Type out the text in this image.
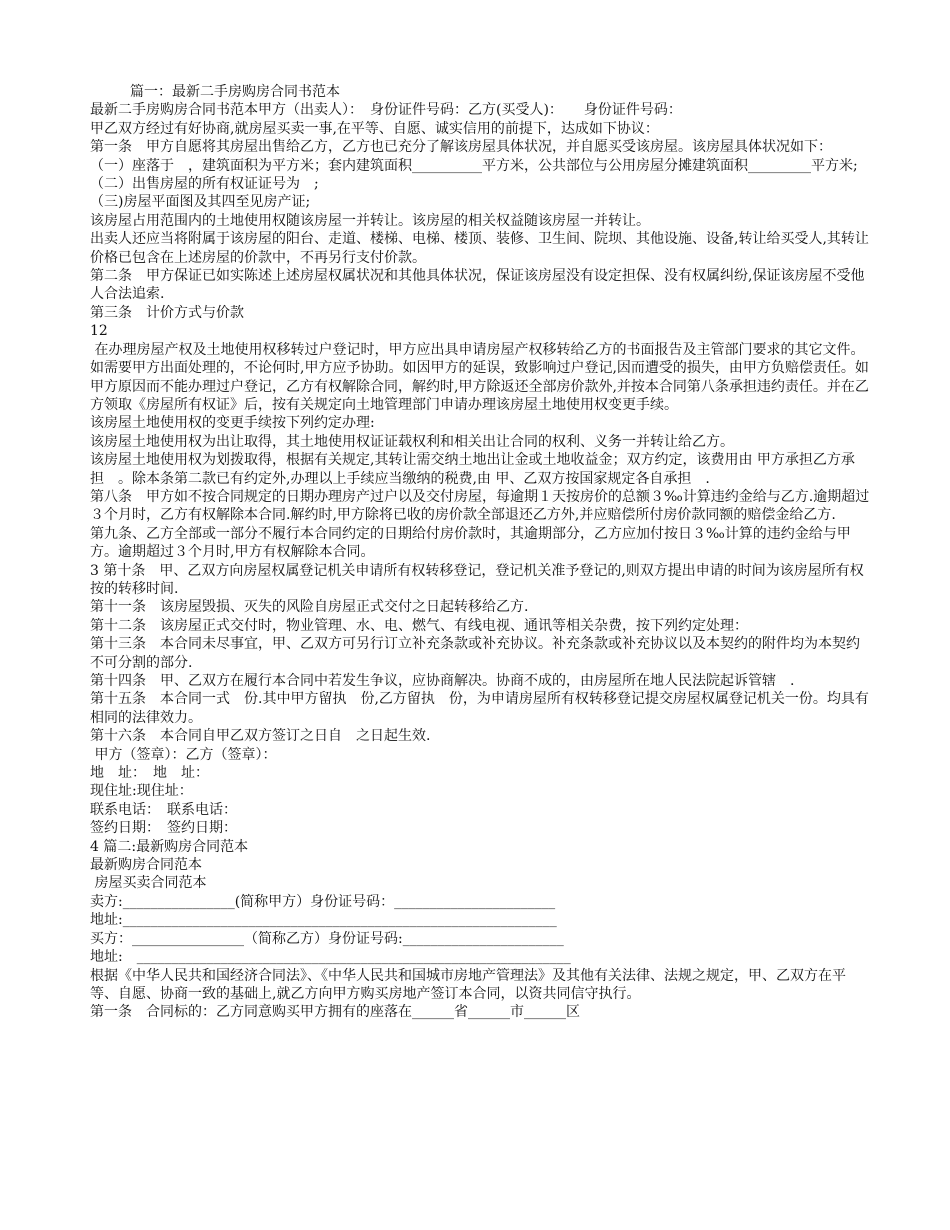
篇一：最新二手房购房合同书范本
最新二手房购房合同书范本甲方（出卖人）：　身份证件号码：乙方(买受人)：　　身份证件号码：
甲乙双方经过有好协商,就房屋买卖一事,在平等、自愿、诚实信用的前提下，达成如下协议：
第一条　甲方自愿将其房屋出售给乙方，乙方也已充分了解该房屋具体状况，并自愿买受该房屋。该房屋具体状况如下：
（一）座落于　，建筑面积为平方米；套内建筑面积__________平方米，公共部位与公用房屋分摊建筑面积_________平方米;
（二）出售房屋的所有权证证号为　;
（三)房屋平面图及其四至见房产证;
该房屋占用范围内的土地使用权随该房屋一并转让。该房屋的相关权益随该房屋一并转让。
出卖人还应当将附属于该房屋的阳台、走道、楼梯、电梯、楼顶、装修、卫生间、院坝、其他设施、设备,转让给买受人,其转让价格已包含在上述房屋的价款中，不再另行支付价款。
第二条　甲方保证已如实陈述上述房屋权属状况和其他具体状况，保证该房屋没有设定担保、没有权属纠纷,保证该房屋不受他人合法追索.
第三条　计价方式与价款
12
在办理房屋产权及土地使用权移转过户登记时，甲方应出具申请房屋产权移转给乙方的书面报告及主管部门要求的其它文件。如需要甲方出面处理的，不论何时,甲方应予协助。如因甲方的延误，致影响过户登记,因而遭受的损失，由甲方负赔偿责任。如甲方原因而不能办理过户登记，乙方有权解除合同，解约时,甲方除返还全部房价款外,并按本合同第八条承担违约责任。并在乙方领取《房屋所有权证》后，按有关规定向土地管理部门申请办理该房屋土地使用权变更手续。
该房屋土地使用权的变更手续按下列约定办理:
该房屋土地使用权为出让取得，其土地使用权证证载权利和相关出让合同的权利、义务一并转让给乙方。
该房屋土地使用权为划拨取得，根据有关规定,其转让需交纳土地出让金或土地收益金；双方约定，该费用由 甲方承担乙方承担　。除本条第二款已有约定外,办理以上手续应当缴纳的税费,由 甲、乙双方按国家规定各自承担　.
第八条　甲方如不按合同规定的日期办理房产过户以及交付房屋，每逾期１天按房价的总额３‰计算违约金给与乙方.逾期超过３个月时，乙方有权解除本合同.解约时,甲方除将已收的房价款全部退还乙方外,并应赔偿所付房价款同额的赔偿金给乙方.
第九条、乙方全部或一部分不履行本合同约定的日期给付房价款时，其逾期部分，乙方应加付按日３‰计算的违约金给与甲方。逾期超过３个月时,甲方有权解除本合同。
3 第十条　甲、乙双方向房屋权属登记机关申请所有权转移登记，登记机关准予登记的,则双方提出申请的时间为该房屋所有权按的转移时间.
第十一条　该房屋毁损、灭失的风险自房屋正式交付之日起转移给乙方.
第十二条　该房屋正式交付时，物业管理、水、电、燃气、有线电视、通讯等相关杂费，按下列约定处理：
第十三条　本合同未尽事宜，甲、乙双方可另行订立补充条款或补充协议。补充条款或补充协议以及本契约的附件均为本契约不可分割的部分.
第十四条　甲、乙双方在履行本合同中若发生争议，应协商解决。协商不成的，由房屋所在地人民法院起诉管辖　.
第十五条　本合同一式　份.其中甲方留执　份,乙方留执　份，为申请房屋所有权转移登记提交房屋权属登记机关一份。均具有相同的法律效力。
第十六条　本合同自甲乙双方签订之日自　之日起生效.
甲方（签章）：乙方（签章）：
地　址：　地　址：
现住址:现住址：
联系电话：　联系电话：
签约日期：　签约日期：
4 篇二:最新购房合同范本
最新购房合同范本
房屋买卖合同范本
卖方:________________(简称甲方）身份证号码：_______________________
地址:______________________________________________________________
买方：________________（简称乙方）身份证号码:_______________________
地址:　______________________________________________________________
根据《中华人民共和国经济合同法》、《中华人民共和国城市房地产管理法》及其他有关法律、法规之规定，甲、乙双方在平等、自愿、协商一致的基础上,就乙方向甲方购买房地产签订本合同，以资共同信守执行。
第一条　合同标的：乙方同意购买甲方拥有的座落在______省______市______区
